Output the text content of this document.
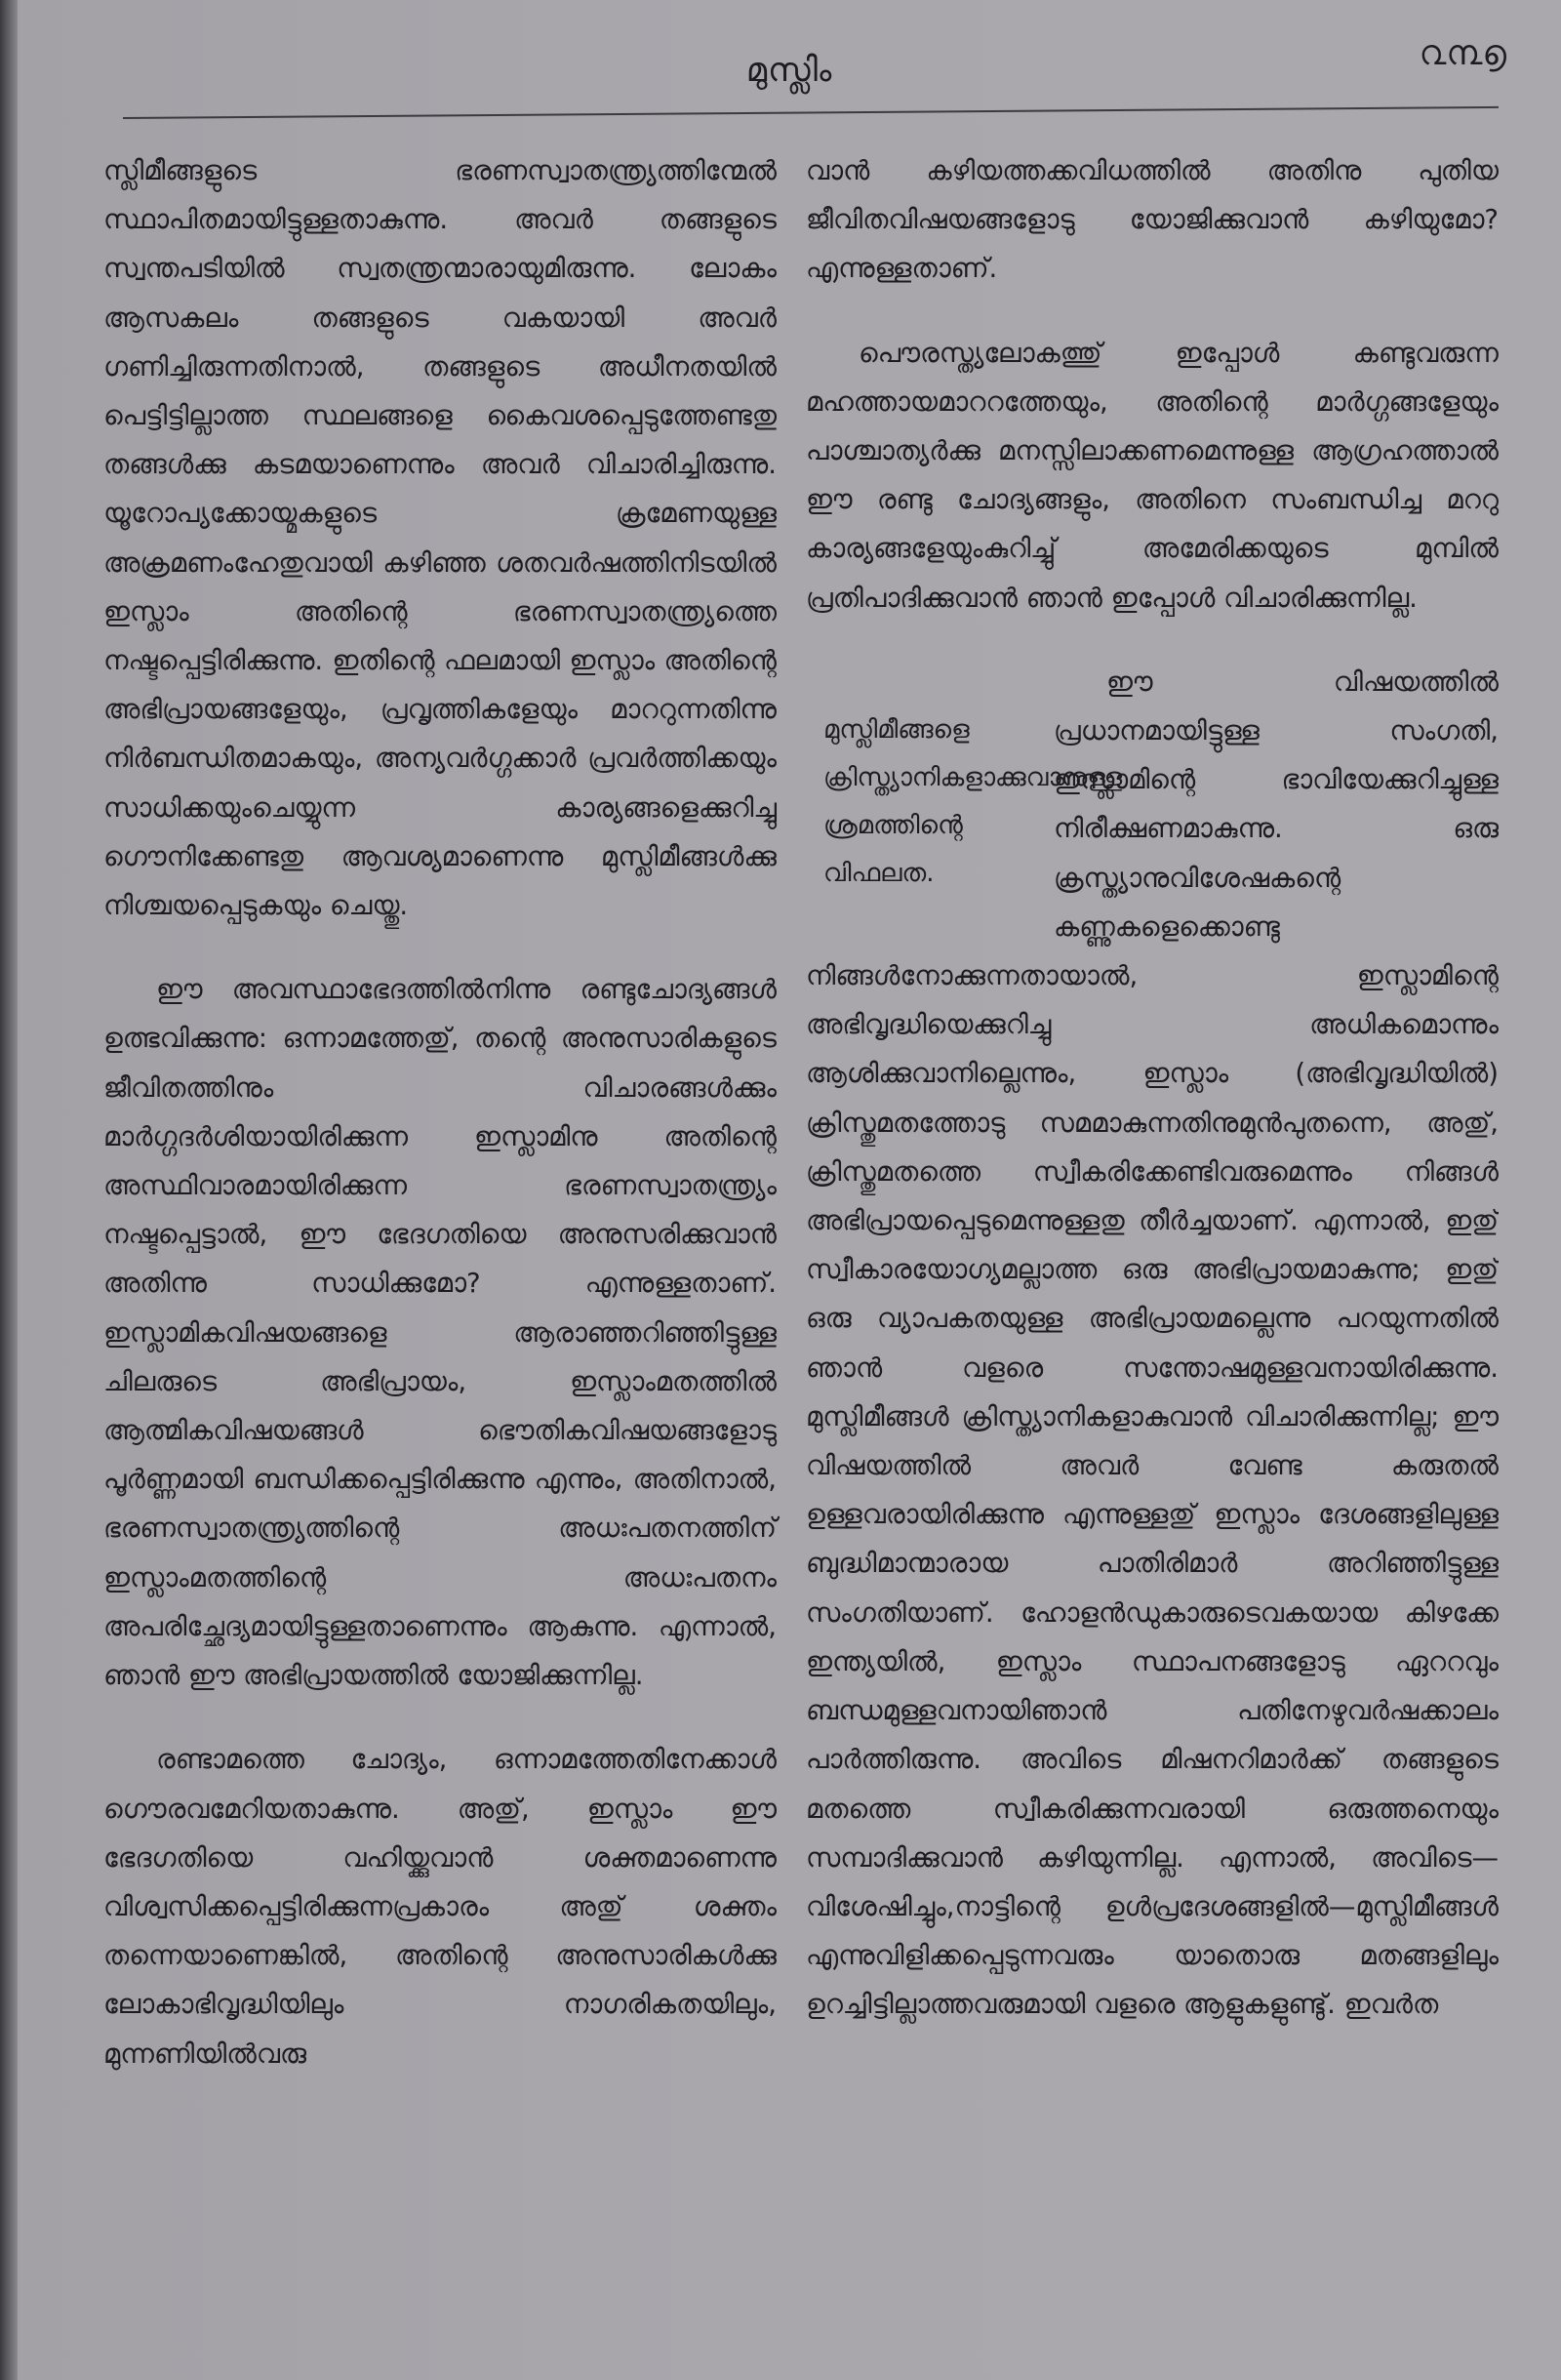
മുസ്ലിം	൨൩൭

സ്ലിമീങ്ങളുടെ ഭരണസ്വാതന്ത്ര്യത്തിന്മേൽ സ്ഥാപിതമായിട്ടുള്ളതാകുന്നു. അവർ തങ്ങളുടെ സ്വന്തപടിയിൽ സ്വതന്ത്രന്മാരായുമിരുന്നു. ലോകം ആസകലം തങ്ങളുടെ വകയായി അവർ ഗണിച്ചിരുന്നതിനാൽ, തങ്ങളുടെ അധീനതയിൽ പെട്ടിട്ടില്ലാത്ത സ്ഥലങ്ങളെ കൈവശപ്പെടുത്തേണ്ടതു തങ്ങൾക്കു കടമയാണെന്നും അവർ വിചാരിച്ചിരുന്നു. യൂറോപ്യക്കോയ്മകളുടെ ക്രമേണയുള്ള അക്രമണംഹേതുവായി കഴിഞ്ഞ ശതവർഷത്തിനിടയിൽ ഇസ്ലാം അതിന്റെ ഭരണസ്വാതന്ത്ര്യത്തെ നഷ്ടപ്പെട്ടിരിക്കുന്നു. ഇതിന്റെ ഫലമായി ഇസ്ലാം അതിന്റെ അഭിപ്രായങ്ങളേയും, പ്രവൃത്തികളേയും മാററുന്നതിന്നു നിർബന്ധിതമാകയും, അന്യവർഗ്ഗക്കാർ പ്രവർത്തിക്കയും സാധിക്കയുംചെയ്യുന്ന കാര്യങ്ങളെക്കുറിച്ചു ഗൌനിക്കേണ്ടതു ആവശ്യമാണെന്നു മുസ്ലിമീങ്ങൾക്കു നിശ്ചയപ്പെടുകയും ചെയ്തു.

ഈ അവസ്ഥാഭേദത്തിൽനിന്നു രണ്ടുചോദ്യങ്ങൾ ഉത്ഭവിക്കുന്നു: ഒന്നാമത്തേതു്, തന്റെ അനുസാരികളുടെ ജീവിതത്തിനും വിചാരങ്ങൾക്കും മാർഗ്ഗദർശിയായിരിക്കുന്ന ഇസ്ലാമിനു അതിന്റെ അസ്ഥിവാരമായിരിക്കുന്ന ഭരണസ്വാതന്ത്ര്യം നഷ്ടപ്പെട്ടാൽ, ഈ ഭേദഗതിയെ അനുസരിക്കുവാൻ അതിന്നു സാധിക്കുമോ? എന്നുള്ളതാണ്. ഇസ്ലാമികവിഷയങ്ങളെ ആരാഞ്ഞറിഞ്ഞിട്ടുള്ള ചിലരുടെ അഭിപ്രായം, ഇസ്ലാംമതത്തിൽ ആത്മികവിഷയങ്ങൾ ഭൌതികവിഷയങ്ങളോടു പൂർണ്ണമായി ബന്ധിക്കപ്പെട്ടിരിക്കുന്നു എന്നും, അതിനാൽ, ഭരണസ്വാതന്ത്ര്യത്തിന്റെ അധഃപതനത്തിന് ഇസ്ലാംമതത്തിന്റെ അധഃപതനം അപരിച്ഛേദ്യമായിട്ടുള്ളതാണെന്നും ആകുന്നു. എന്നാൽ, ഞാൻ ഈ അഭിപ്രായത്തിൽ യോജിക്കുന്നില്ല.

രണ്ടാമത്തെ ചോദ്യം, ഒന്നാമത്തേതിനേക്കാൾ ഗൌരവമേറിയതാകുന്നു. അതു്, ഇസ്ലാം ഈ ഭേദഗതിയെ വഹിയ്ക്കുവാൻ ശക്തമാണെന്നു വിശ്വസിക്കപ്പെട്ടിരിക്കുന്നപ്രകാരം അതു് ശക്തം തന്നെയാണെങ്കിൽ, അതിന്റെ അനുസാരികൾക്കു ലോകാഭിവൃദ്ധിയിലും നാഗരികതയിലും, മുന്നണിയിൽവരു

വാൻ കഴിയത്തക്കവിധത്തിൽ അതിനു പുതിയ ജീവിതവിഷയങ്ങളോടു യോജിക്കുവാൻ കഴിയുമോ? എന്നുള്ളതാണ്.

പൌരസ്ത്യലോകത്തു് ഇപ്പോൾ കണ്ടുവരുന്ന മഹത്തായമാററത്തേയും, അതിന്റെ മാർഗ്ഗങ്ങളേയും പാശ്ചാത്യർക്കു മനസ്സിലാക്കണമെന്നുള്ള ആഗ്രഹത്താൽ ഈ രണ്ടു ചോദ്യങ്ങളും, അതിനെ സംബന്ധിച്ച മററു കാര്യങ്ങളേയുംകുറിച്ചു് അമേരിക്കയുടെ മുമ്പിൽ പ്രതിപാദിക്കുവാൻ ഞാൻ ഇപ്പോൾ വിചാരിക്കുന്നില്ല.

മുസ്ലിമീങ്ങളെ ക്രിസ്ത്യാനികളാക്കുവാനുള്ള ശ്രമത്തിന്റെ വിഫലത.

ഈ വിഷയത്തിൽ പ്രധാനമായിട്ടുള്ള സംഗതി, ഇസ്ലാമിന്റെ ഭാവിയേക്കുറിച്ചുള്ള നിരീക്ഷണമാകുന്നു. ഒരു ക്രസ്ത്യാനുവിശേഷകന്റെ കണ്ണുകളെക്കൊണ്ടു നിങ്ങൾനോക്കുന്നതായാൽ, ഇസ്ലാമിന്റെ അഭിവൃദ്ധിയെക്കുറിച്ചു അധികമൊന്നും ആശിക്കുവാനില്ലെന്നും, ഇസ്ലാം (അഭിവൃദ്ധിയിൽ) ക്രിസ്തുമതത്തോടു സമമാകുന്നതിനുമുൻപുതന്നെ, അതു്, ക്രിസ്തുമതത്തെ സ്വീകരിക്കേണ്ടിവരുമെന്നും നിങ്ങൾ അഭിപ്രായപ്പെടുമെന്നുള്ളതു തീർച്ചയാണ്. എന്നാൽ, ഇതു് സ്വീകാരയോഗ്യമല്ലാത്ത ഒരു അഭിപ്രായമാകുന്നു; ഇതു് ഒരു വ്യാപകതയുള്ള അഭിപ്രായമല്ലെന്നു പറയുന്നതിൽ ഞാൻ വളരെ സന്തോഷമുള്ളവനായിരിക്കുന്നു. മുസ്ലിമീങ്ങൾ ക്രിസ്ത്യാനികളാകുവാൻ വിചാരിക്കുന്നില്ല; ഈ വിഷയത്തിൽ അവർ വേണ്ട കരുതൽ ഉള്ളവരായിരിക്കുന്നു എന്നുള്ളതു് ഇസ്ലാം ദേശങ്ങളിലുള്ള ബുദ്ധിമാന്മാരായ പാതിരിമാർ അറിഞ്ഞിട്ടുള്ള സംഗതിയാണ്. ഹോളൻഡുകാരുടെവകയായ കിഴക്കേ ഇന്ത്യയിൽ, ഇസ്ലാം സ്ഥാപനങ്ങളോടു ഏററവും ബന്ധമുള്ളവനായിഞാൻ പതിനേഴുവർഷക്കാലം പാർത്തിരുന്നു. അവിടെ മിഷനറിമാർക്ക് തങ്ങളുടെ മതത്തെ സ്വീകരിക്കുന്നവരായി ഒരുത്തനെയും സമ്പാദിക്കുവാൻ കഴിയുന്നില്ല. എന്നാൽ, അവിടെ—വിശേഷിച്ചും,നാട്ടിന്റെ ഉൾപ്രദേശങ്ങളിൽ—മുസ്ലിമീങ്ങൾ എന്നുവിളിക്കപ്പെടുന്നവരും യാതൊരു മതങ്ങളിലും ഉറച്ചിട്ടില്ലാത്തവരുമായി വളരെ ആളുകളുണ്ടു്. ഇവർത
